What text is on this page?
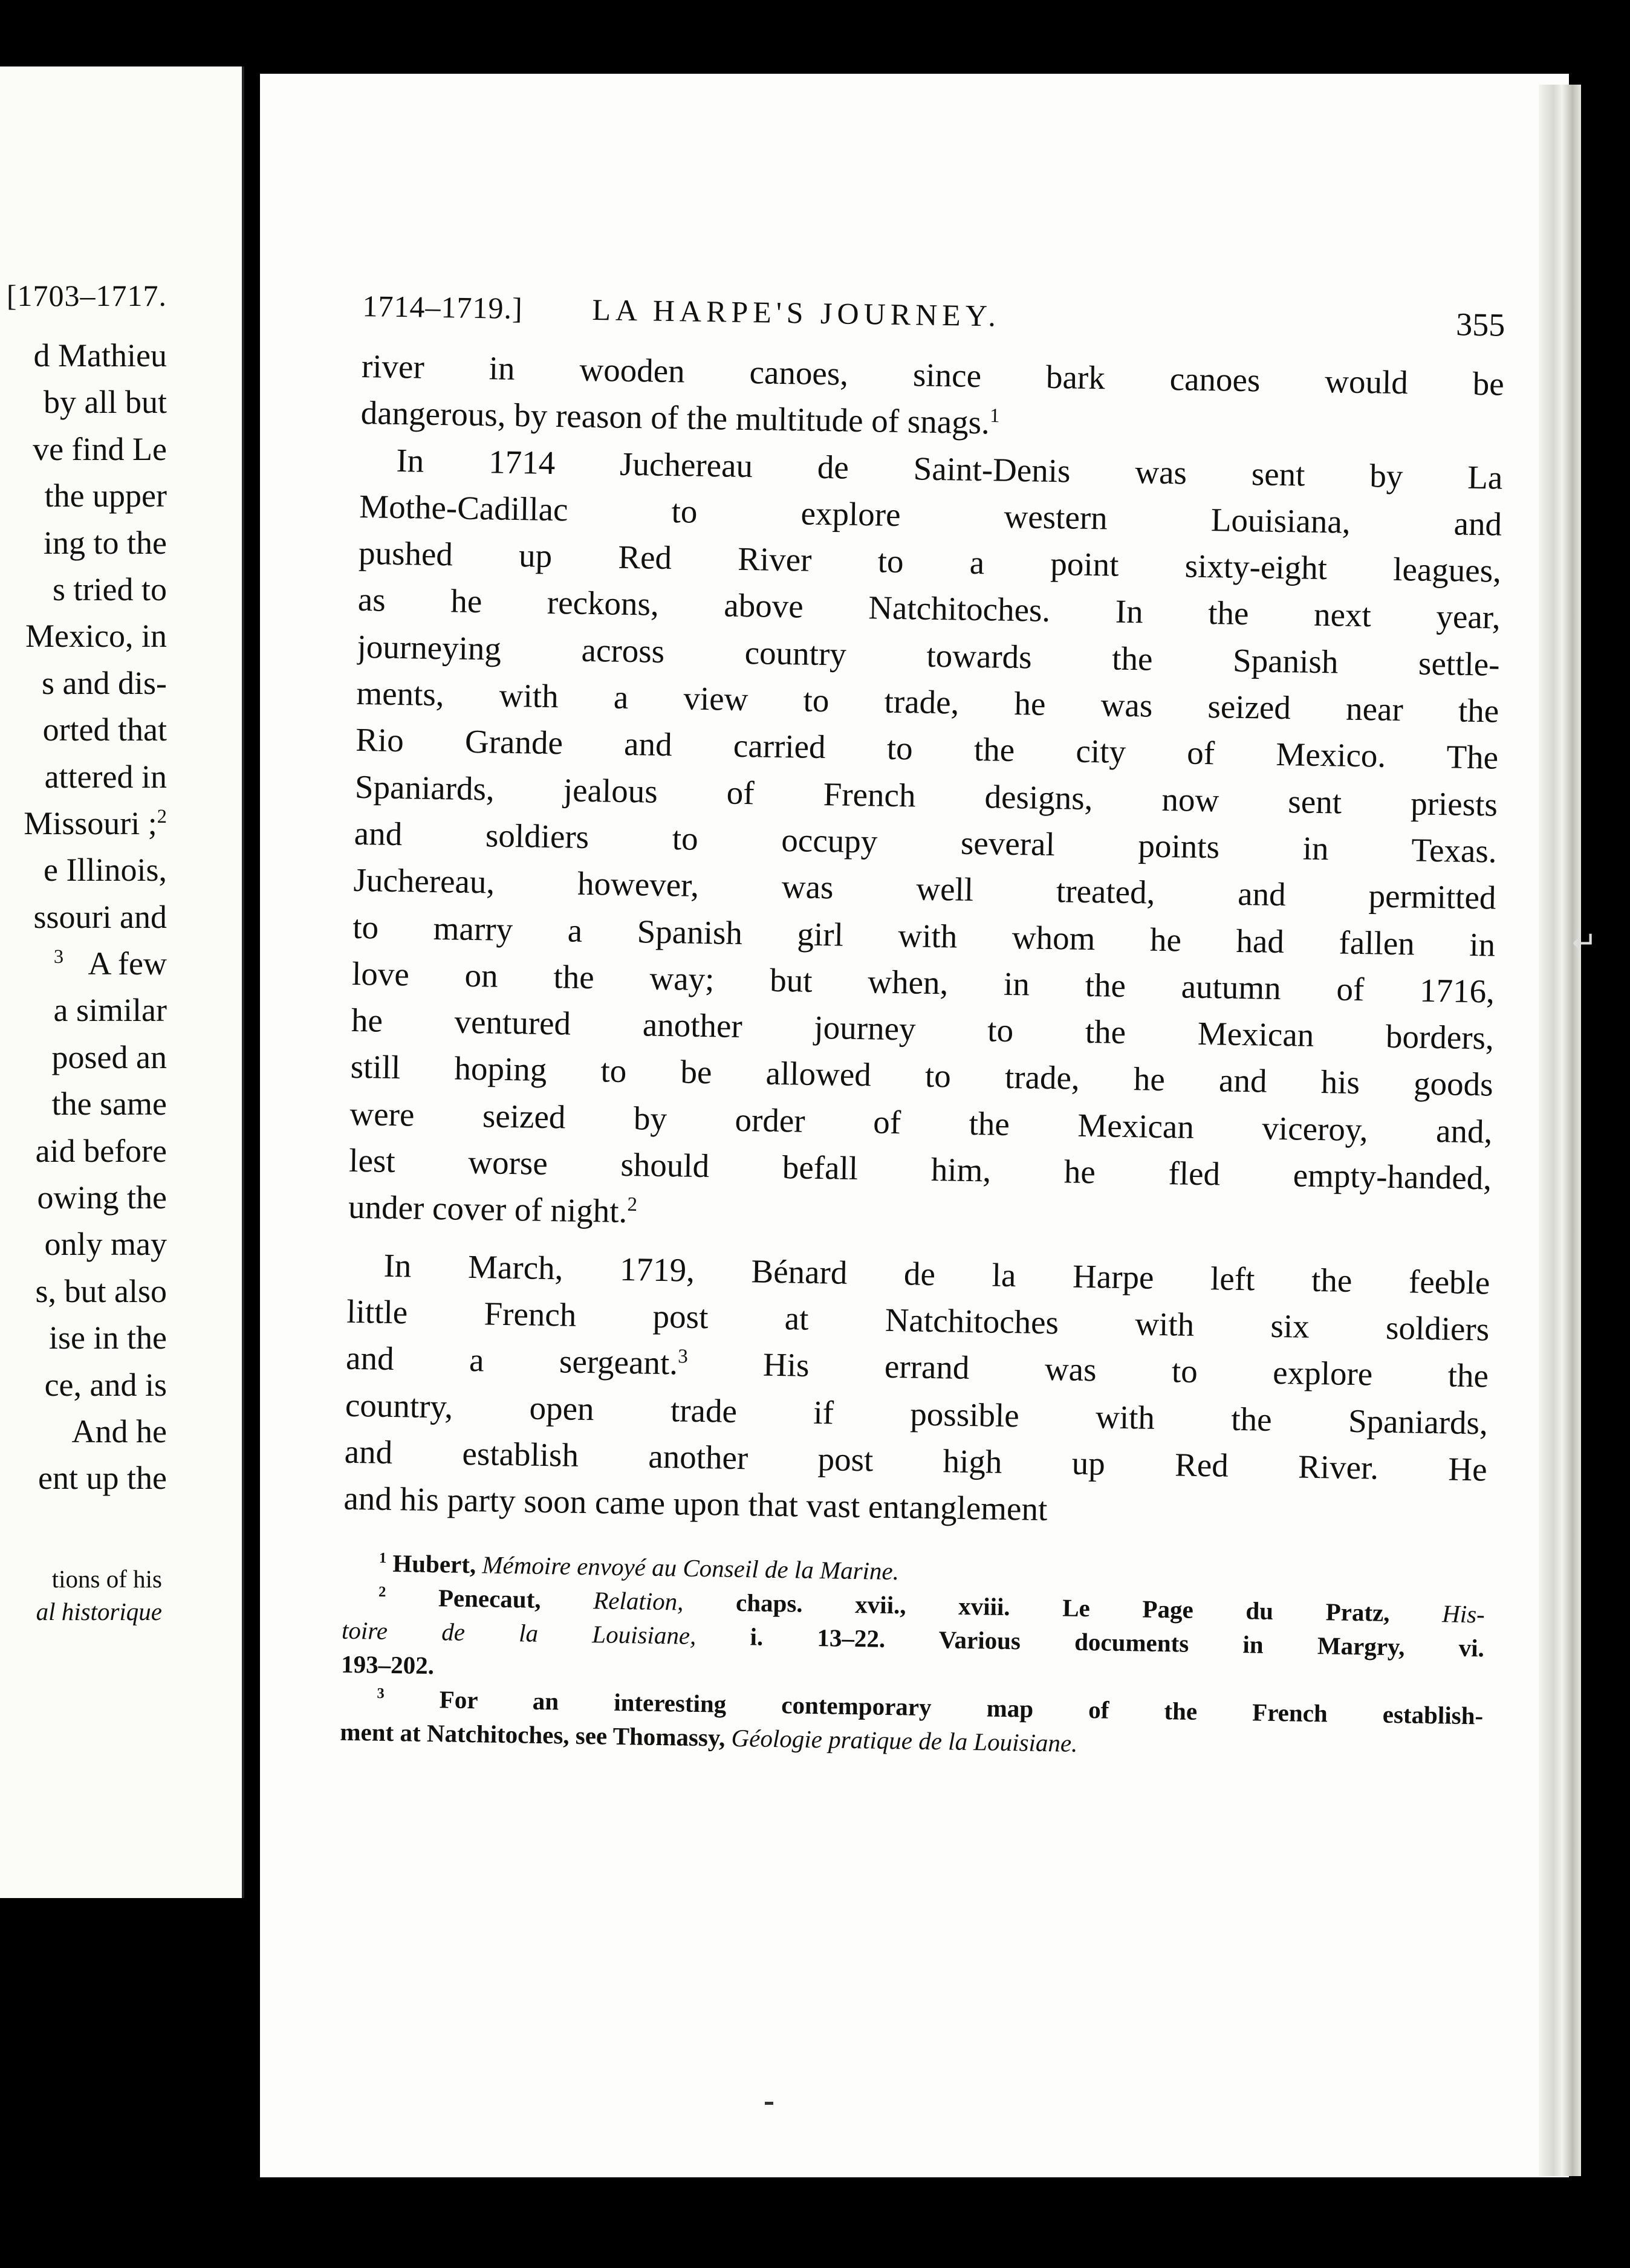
[1703–1717.
d Mathieu
by all but
ve find Le
the upper
ing to the
s tried to
Mexico, in
s and dis-
orted that
attered in
Missouri ;$^2$
e Illinois,
ssouri and
$^3$ A few
a similar
posed an
the same
aid before
owing the
only may
s, but also
ise in the
ce, and is
And he
ent up the
tions of his
al historique
1714–1719.] LA HARPE'S JOURNEY.	355
river in wooden canoes, since bark canoes would be
dangerous, by reason of the multitude of snags.$^1$
In 1714 Juchereau de Saint-Denis was sent by La
Mothe-Cadillac to explore western Louisiana, and
pushed up Red River to a point sixty-eight leagues,
as he reckons, above Natchitoches. In the next year,
journeying across country towards the Spanish settle-
ments, with a view to trade, he was seized near the
Rio Grande and carried to the city of Mexico. The
Spaniards, jealous of French designs, now sent priests
and soldiers to occupy several points in Texas.
Juchereau, however, was well treated, and permitted
to marry a Spanish girl with whom he had fallen in
love on the way; but when, in the autumn of 1716,
he ventured another journey to the Mexican borders,
still hoping to be allowed to trade, he and his goods
were seized by order of the Mexican viceroy, and,
lest worse should befall him, he fled empty-handed,
under cover of night.$^2$
In March, 1719, Bénard de la Harpe left the feeble
little French post at Natchitoches with six soldiers
and a sergeant.$^3$ His errand was to explore the
country, open trade if possible with the Spaniards,
and establish another post high up Red River. He
and his party soon came upon that vast entanglement
$^1$ Hubert, Mémoire envoyé au Conseil de la Marine.
$^2$ Penecaut, Relation, chaps. xvii., xviii. Le Page du Pratz, His-
toire de la Louisiane, i. 13–22. Various documents in Margry, vi.
193–202.
$^3$ For an interesting contemporary map of the French establish-
ment at Natchitoches, see Thomassy, Géologie pratique de la Louisiane.
↵
